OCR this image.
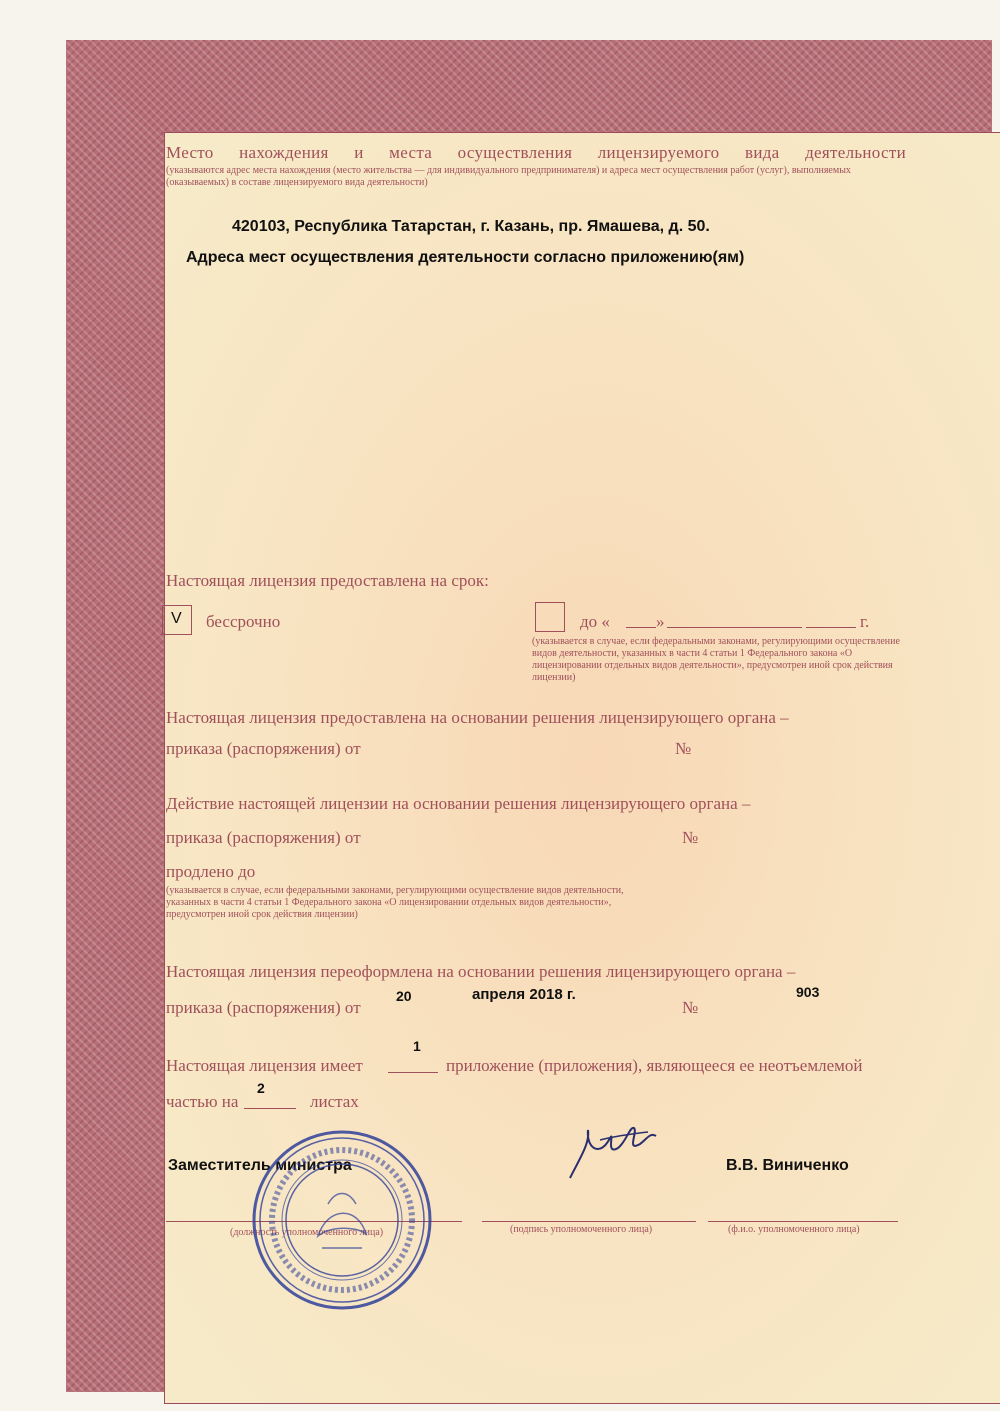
Место нахождения и места осуществления лицензируемого вида деятельности
(указываются адрес места нахождения (место жительства — для индивидуального предпринимателя) и адреса мест осуществления работ (услуг), выполняемых (оказываемых) в составе лицензируемого вида деятельности)
420103, Республика Татарстан, г. Казань, пр. Ямашева, д. 50.
Адреса мест осуществления деятельности согласно приложению(ям)
Настоящая лицензия предоставлена на срок:
V бессрочно	до «	»	г.
(указывается в случае, если федеральными законами, регулирующими осуществление видов деятельности, указанных в части 4 статьи 1 Федерального закона «О лицензировании отдельных видов деятельности», предусмотрен иной срок действия лицензии)
Настоящая лицензия предоставлена на основании решения лицензирующего органа –
приказа (распоряжения) от	№
Действие настоящей лицензии на основании решения лицензирующего органа –
приказа (распоряжения) от	№
продлено до
(указывается в случае, если федеральными законами, регулирующими осуществление видов деятельности, указанных в части 4 статьи 1 Федерального закона «О лицензировании отдельных видов деятельности», предусмотрен иной срок действия лицензии)
Настоящая лицензия переоформлена на основании решения лицензирующего органа –
приказа (распоряжения) от
20	апреля 2018 г.
№
903
Настоящая лицензия имеет
1
приложение (приложения), являющееся ее неотъемлемой
частью на
2
листах
Заместитель министра	В.В. Виниченко
(должность уполномоченного лица)	(подпись уполномоченного лица)	(ф.и.о. уполномоченного лица)
